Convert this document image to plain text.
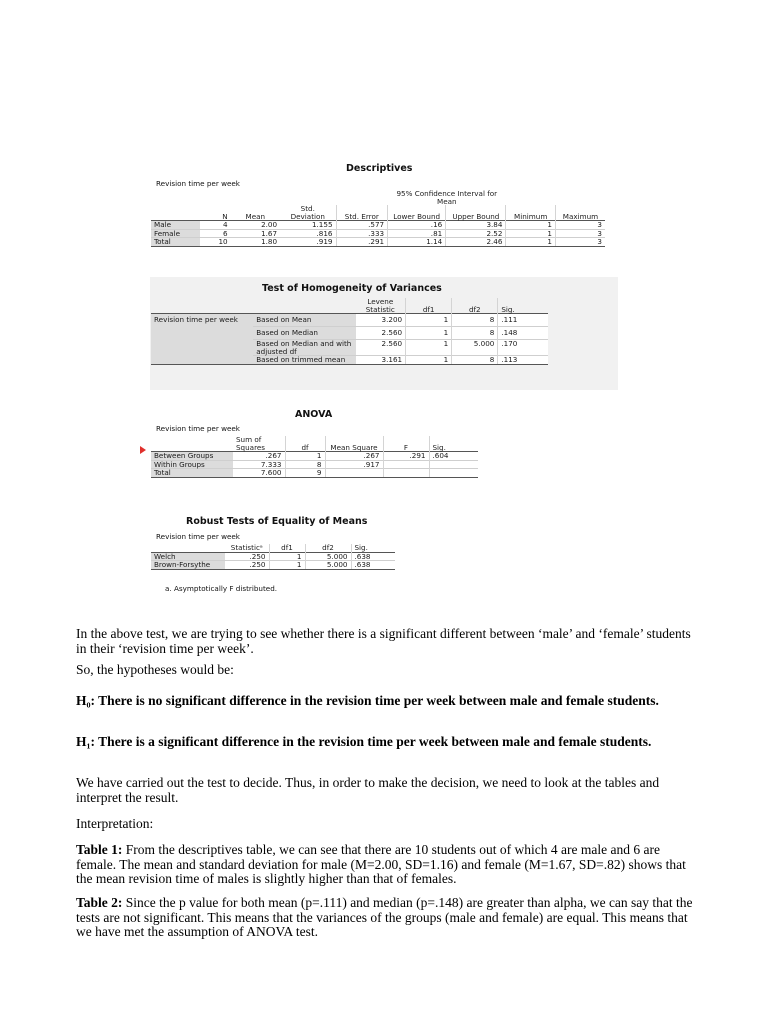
Descriptives
Revision time per week
					95% Confidence Interval for Mean			
	N	Mean	Std. Deviation	Std. Error	Lower Bound	Upper Bound	Minimum	Maximum
Male	4	2.00	1.155	.577	.16	3.84	1	3
Female	6	1.67	.816	.333	.81	2.52	1	3
Total	10	1.80	.919	.291	1.14	2.46	1	3
Test of Homogeneity of Variances
		Levene Statistic	df1	df2	Sig.
Revision time per week	Based on Mean	3.200	1	8	.111
	Based on Median	2.560	1	8	.148
	Based on Median and with adjusted df	2.560	1	5.000	.170
	Based on trimmed mean	3.161	1	8	.113
ANOVA
Revision time per week
	Sum of Squares	df	Mean Square	F	Sig.
Between Groups	.267	1	.267	.291	.604
Within Groups	7.333	8	.917		
Total	7.600	9			
Robust Tests of Equality of Means
Revision time per week
	Statisticᵃ	df1	df2	Sig.
Welch	.250	1	5.000	.638
Brown-Forsythe	.250	1	5.000	.638
a. Asymptotically F distributed.
In the above test, we are trying to see whether there is a significant different between ‘male’ and ‘female’ students in their ‘revision time per week’.
So, the hypotheses would be:
H₀: There is no significant difference in the revision time per week between male and female students.
H₁: There is a significant difference in the revision time per week between male and female students.
We have carried out the test to decide. Thus, in order to make the decision, we need to look at the tables and interpret the result.
Interpretation:
Table 1: From the descriptives table, we can see that there are 10 students out of which 4 are male and 6 are female. The mean and standard deviation for male (M=2.00, SD=1.16) and female (M=1.67, SD=.82) shows that the mean revision time of males is slightly higher than that of females.
Table 2: Since the p value for both mean (p=.111) and median (p=.148) are greater than alpha, we can say that the tests are not significant. This means that the variances of the groups (male and female) are equal. This means that we have met the assumption of ANOVA test.
